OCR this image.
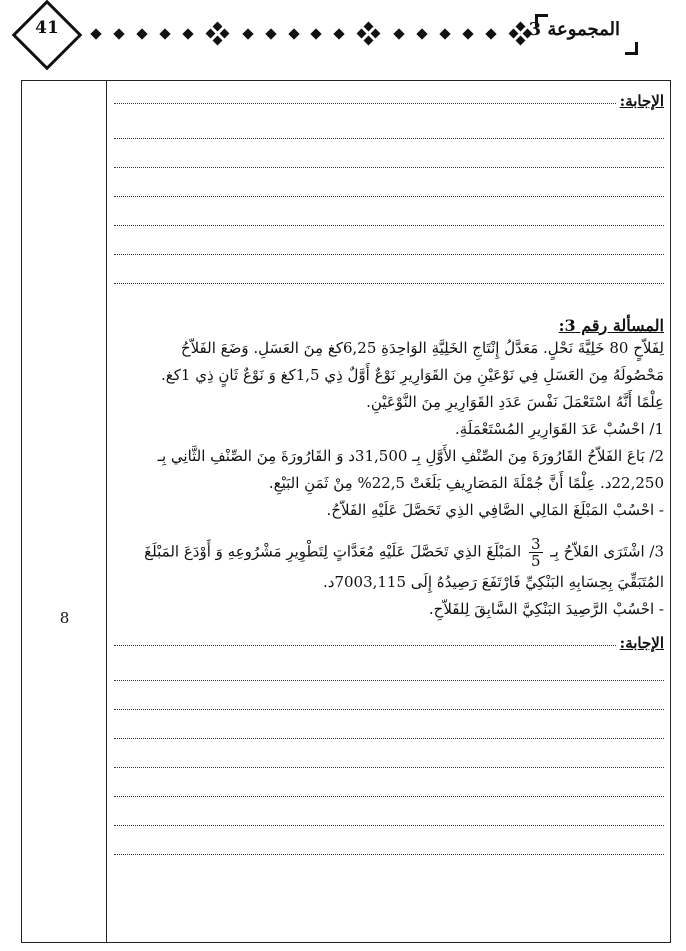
41	المجموعة 3
8
الإجابة:
المسألة رقم 3:

لِفَلاّحٍ 80 خَلِيَّةَ نَحْلٍ. مَعَدَّلُ إِنْتَاجِ الخَلِيَّةِ الوَاحِدَةِ 6,25كغ مِنَ العَسَلِ. وَضَعَ الفَلاّحُ

مَحْصُولَهُ مِنَ العَسَلِ فِي نَوْعَيْنِ مِنَ القَوَارِيرِ نَوْعٌ أَوَّلٌ ذِي 1,5كغ وَ نَوْعٌ ثَانٍ ذِي 1كغ.

عِلْمًا أَنَّهُ اسْتَعْمَلَ نَفْسَ عَدَدِ القَوَارِيرِ مِنَ النَّوْعَيْنِ.

1/ احْسُبْ عَدَ القَوَارِيرِ المُسْتَعْمَلَةِ.

2/ بَاعَ الفَلاّحُ القَارُورَةَ مِنَ الصِّنْفِ الأَوَّلِ بِـ 31,500د وَ القَارُورَةَ مِنَ الصِّنْفِ الثَّانِي بِـ

22,250د. عِلْمًا أَنَّ جُمْلَةَ المَصَارِيفِ بَلَغَتْ 22,5% مِنْ ثَمَنِ البَيْعِ.

- احْسُبْ المَبْلَغَ المَالِي الصَّافِي الذِي تَحَصَّلَ عَلَيْهِ الفَلاّحُ.

3/ اشْتَرَى الفَلاّحُ بِـ
$\frac{3}{5}$
المَبْلَغَ الذِي تَحَصَّلَ عَلَيْهِ مُعَدَّاتٍ لِتَطْوِيرِ مَشْرُوعِهِ وَ أَوْدَعَ المَبْلَغَ

المُتَبَقِّيَ بِحِسَابِهِ البَنْكِيِّ فَارْتَفَعَ رَصِيدُهُ إِلَى 7003,115د.

- احْسُبْ الرَّصِيدَ البَنْكِيَّ السَّابِقَ لِلفَلاّحِ.

الإجابة:
